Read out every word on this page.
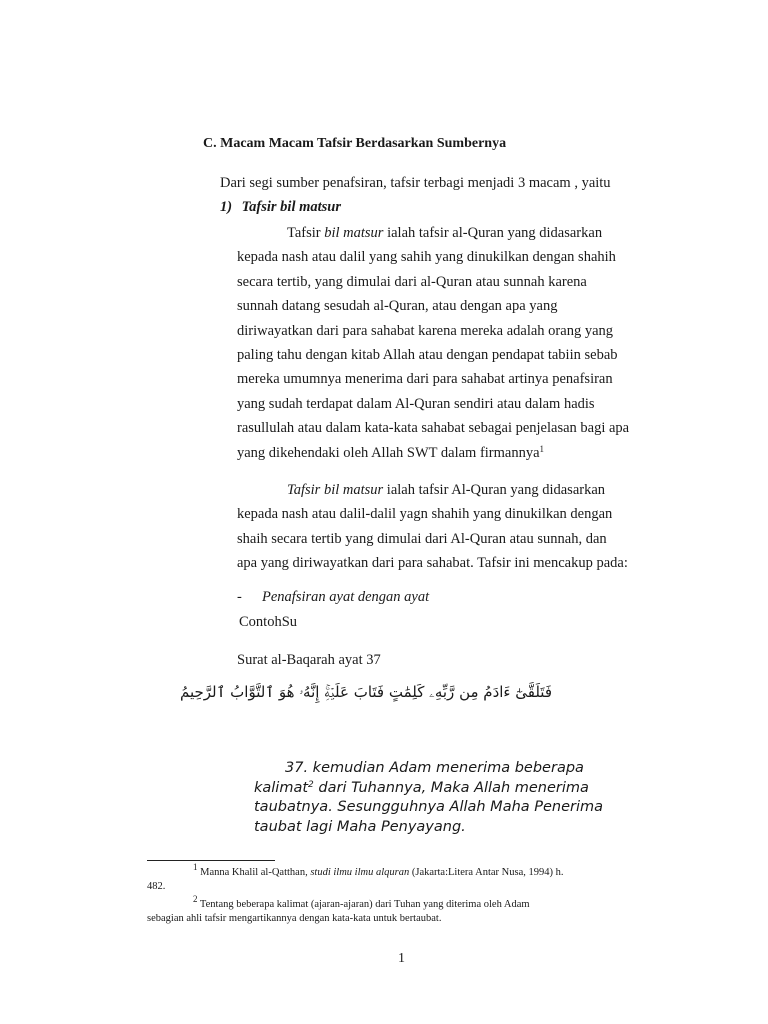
C. Macam Macam Tafsir Berdasarkan Sumbernya
Dari segi sumber penafsiran, tafsir terbagi menjadi 3 macam , yaitu
1) Tafsir bil matsur
Tafsir bil matsur ialah tafsir al-Quran yang didasarkan
kepada nash atau dalil yang sahih yang dinukilkan dengan shahih
secara tertib, yang dimulai dari al-Quran atau sunnah karena
sunnah datang sesudah al-Quran, atau dengan apa yang
diriwayatkan dari para sahabat karena mereka adalah orang yang
paling tahu dengan kitab Allah atau dengan pendapat tabiin sebab
mereka umumnya menerima dari para sahabat artinya penafsiran
yang sudah terdapat dalam Al-Quran sendiri atau dalam hadis
rasullulah atau dalam kata-kata sahabat sebagai penjelasan bagi apa
yang dikehendaki oleh Allah SWT dalam firmannya$^1$
Tafsir bil matsur ialah tafsir Al-Quran yang didasarkan
kepada nash atau dalil-dalil yagn shahih yang dinukilkan dengan
shaih secara tertib yang dimulai dari Al-Quran atau sunnah, dan
apa yang diriwayatkan dari para sahabat. Tafsir ini mencakup pada:
- Penafsiran ayat dengan ayat
ContohSu
Surat al-Baqarah ayat 37
فَتَلَقَّىٰٓ ءَادَمُ مِن رَّبِّهِۦ كَلِمَٰتٍ فَتَابَ عَلَيۡهِۚ إِنَّهُۥ هُوَ ٱلتَّوَّابُ ٱلرَّحِيمُ
37. kemudian Adam menerima beberapa
kalimat$^2$ dari Tuhannya, Maka Allah menerima
taubatnya. Sesungguhnya Allah Maha Penerima
taubat lagi Maha Penyayang.
$^1$ Manna Khalil al-Qatthan, studi ilmu ilmu alquran (Jakarta:Litera Antar Nusa, 1994) h.
482.
$^2$ Tentang beberapa kalimat (ajaran-ajaran) dari Tuhan yang diterima oleh Adam
sebagian ahli tafsir mengartikannya dengan kata-kata untuk bertaubat.
1
